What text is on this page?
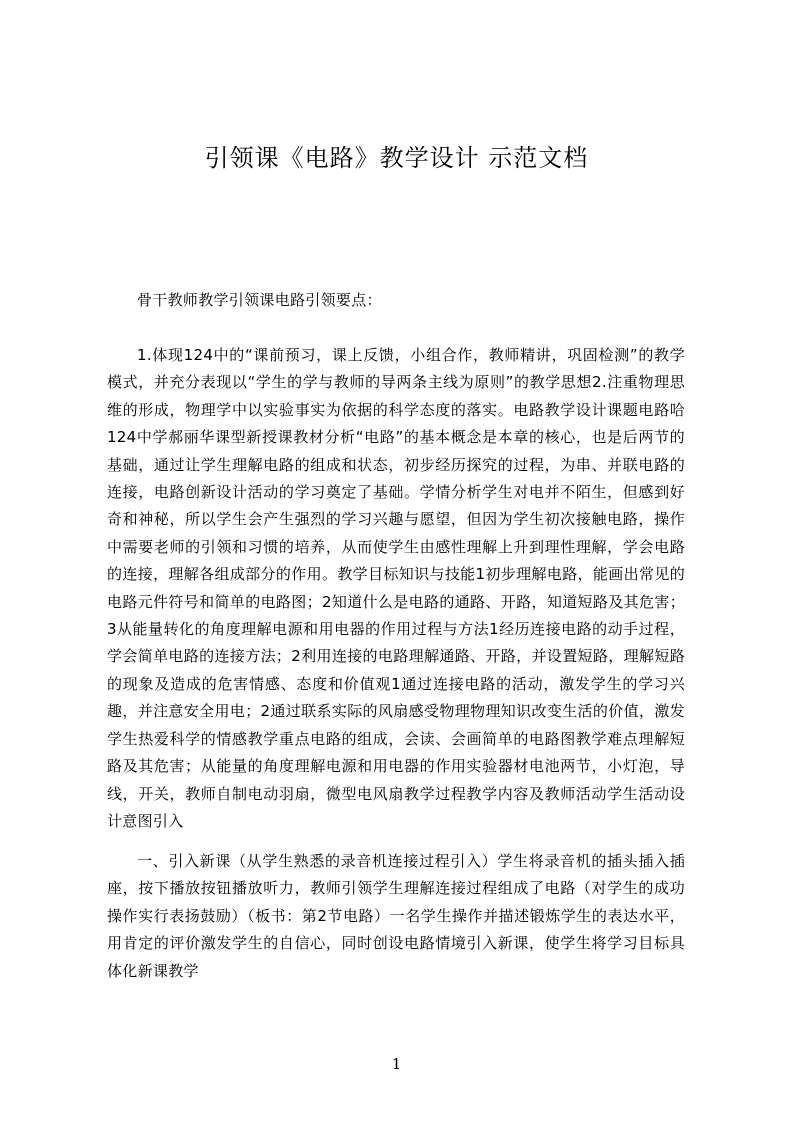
引领课《电路》教学设计 示范文档

骨干教师教学引领课电路引领要点：

1.体现124中的“课前预习，课上反馈，小组合作，教师精讲，巩固检测”的教学模式，并充分表现以“学生的学与教师的导两条主线为原则”的教学思想2.注重物理思维的形成，物理学中以实验事实为依据的科学态度的落实。电路教学设计课题电路哈124中学郝丽华课型新授课教材分析“电路”的基本概念是本章的核心，也是后两节的基础，通过让学生理解电路的组成和状态，初步经历探究的过程，为串、并联电路的连接，电路创新设计活动的学习奠定了基础。学情分析学生对电并不陌生，但感到好奇和神秘，所以学生会产生强烈的学习兴趣与愿望，但因为学生初次接触电路，操作中需要老师的引领和习惯的培养，从而使学生由感性理解上升到理性理解，学会电路的连接，理解各组成部分的作用。教学目标知识与技能1初步理解电路，能画出常见的电路元件符号和简单的电路图；2知道什么是电路的通路、开路，知道短路及其危害；3从能量转化的角度理解电源和用电器的作用过程与方法1经历连接电路的动手过程，学会简单电路的连接方法；2利用连接的电路理解通路、开路，并设置短路，理解短路的现象及造成的危害情感、态度和价值观1通过连接电路的活动，激发学生的学习兴趣，并注意安全用电；2通过联系实际的风扇感受物理物理知识改变生活的价值，激发学生热爱科学的情感教学重点电路的组成，会读、会画简单的电路图教学难点理解短路及其危害；从能量的角度理解电源和用电器的作用实验器材电池两节，小灯泡，导线，开关，教师自制电动羽扇，微型电风扇教学过程教学内容及教师活动学生活动设计意图引入

一、引入新课（从学生熟悉的录音机连接过程引入）学生将录音机的插头插入插座，按下播放按钮播放听力，教师引领学生理解连接过程组成了电路（对学生的成功操作实行表扬鼓励）（板书：第2节电路）一名学生操作并描述锻炼学生的表达水平，用肯定的评价激发学生的自信心，同时创设电路情境引入新课，使学生将学习目标具体化新课教学

1
